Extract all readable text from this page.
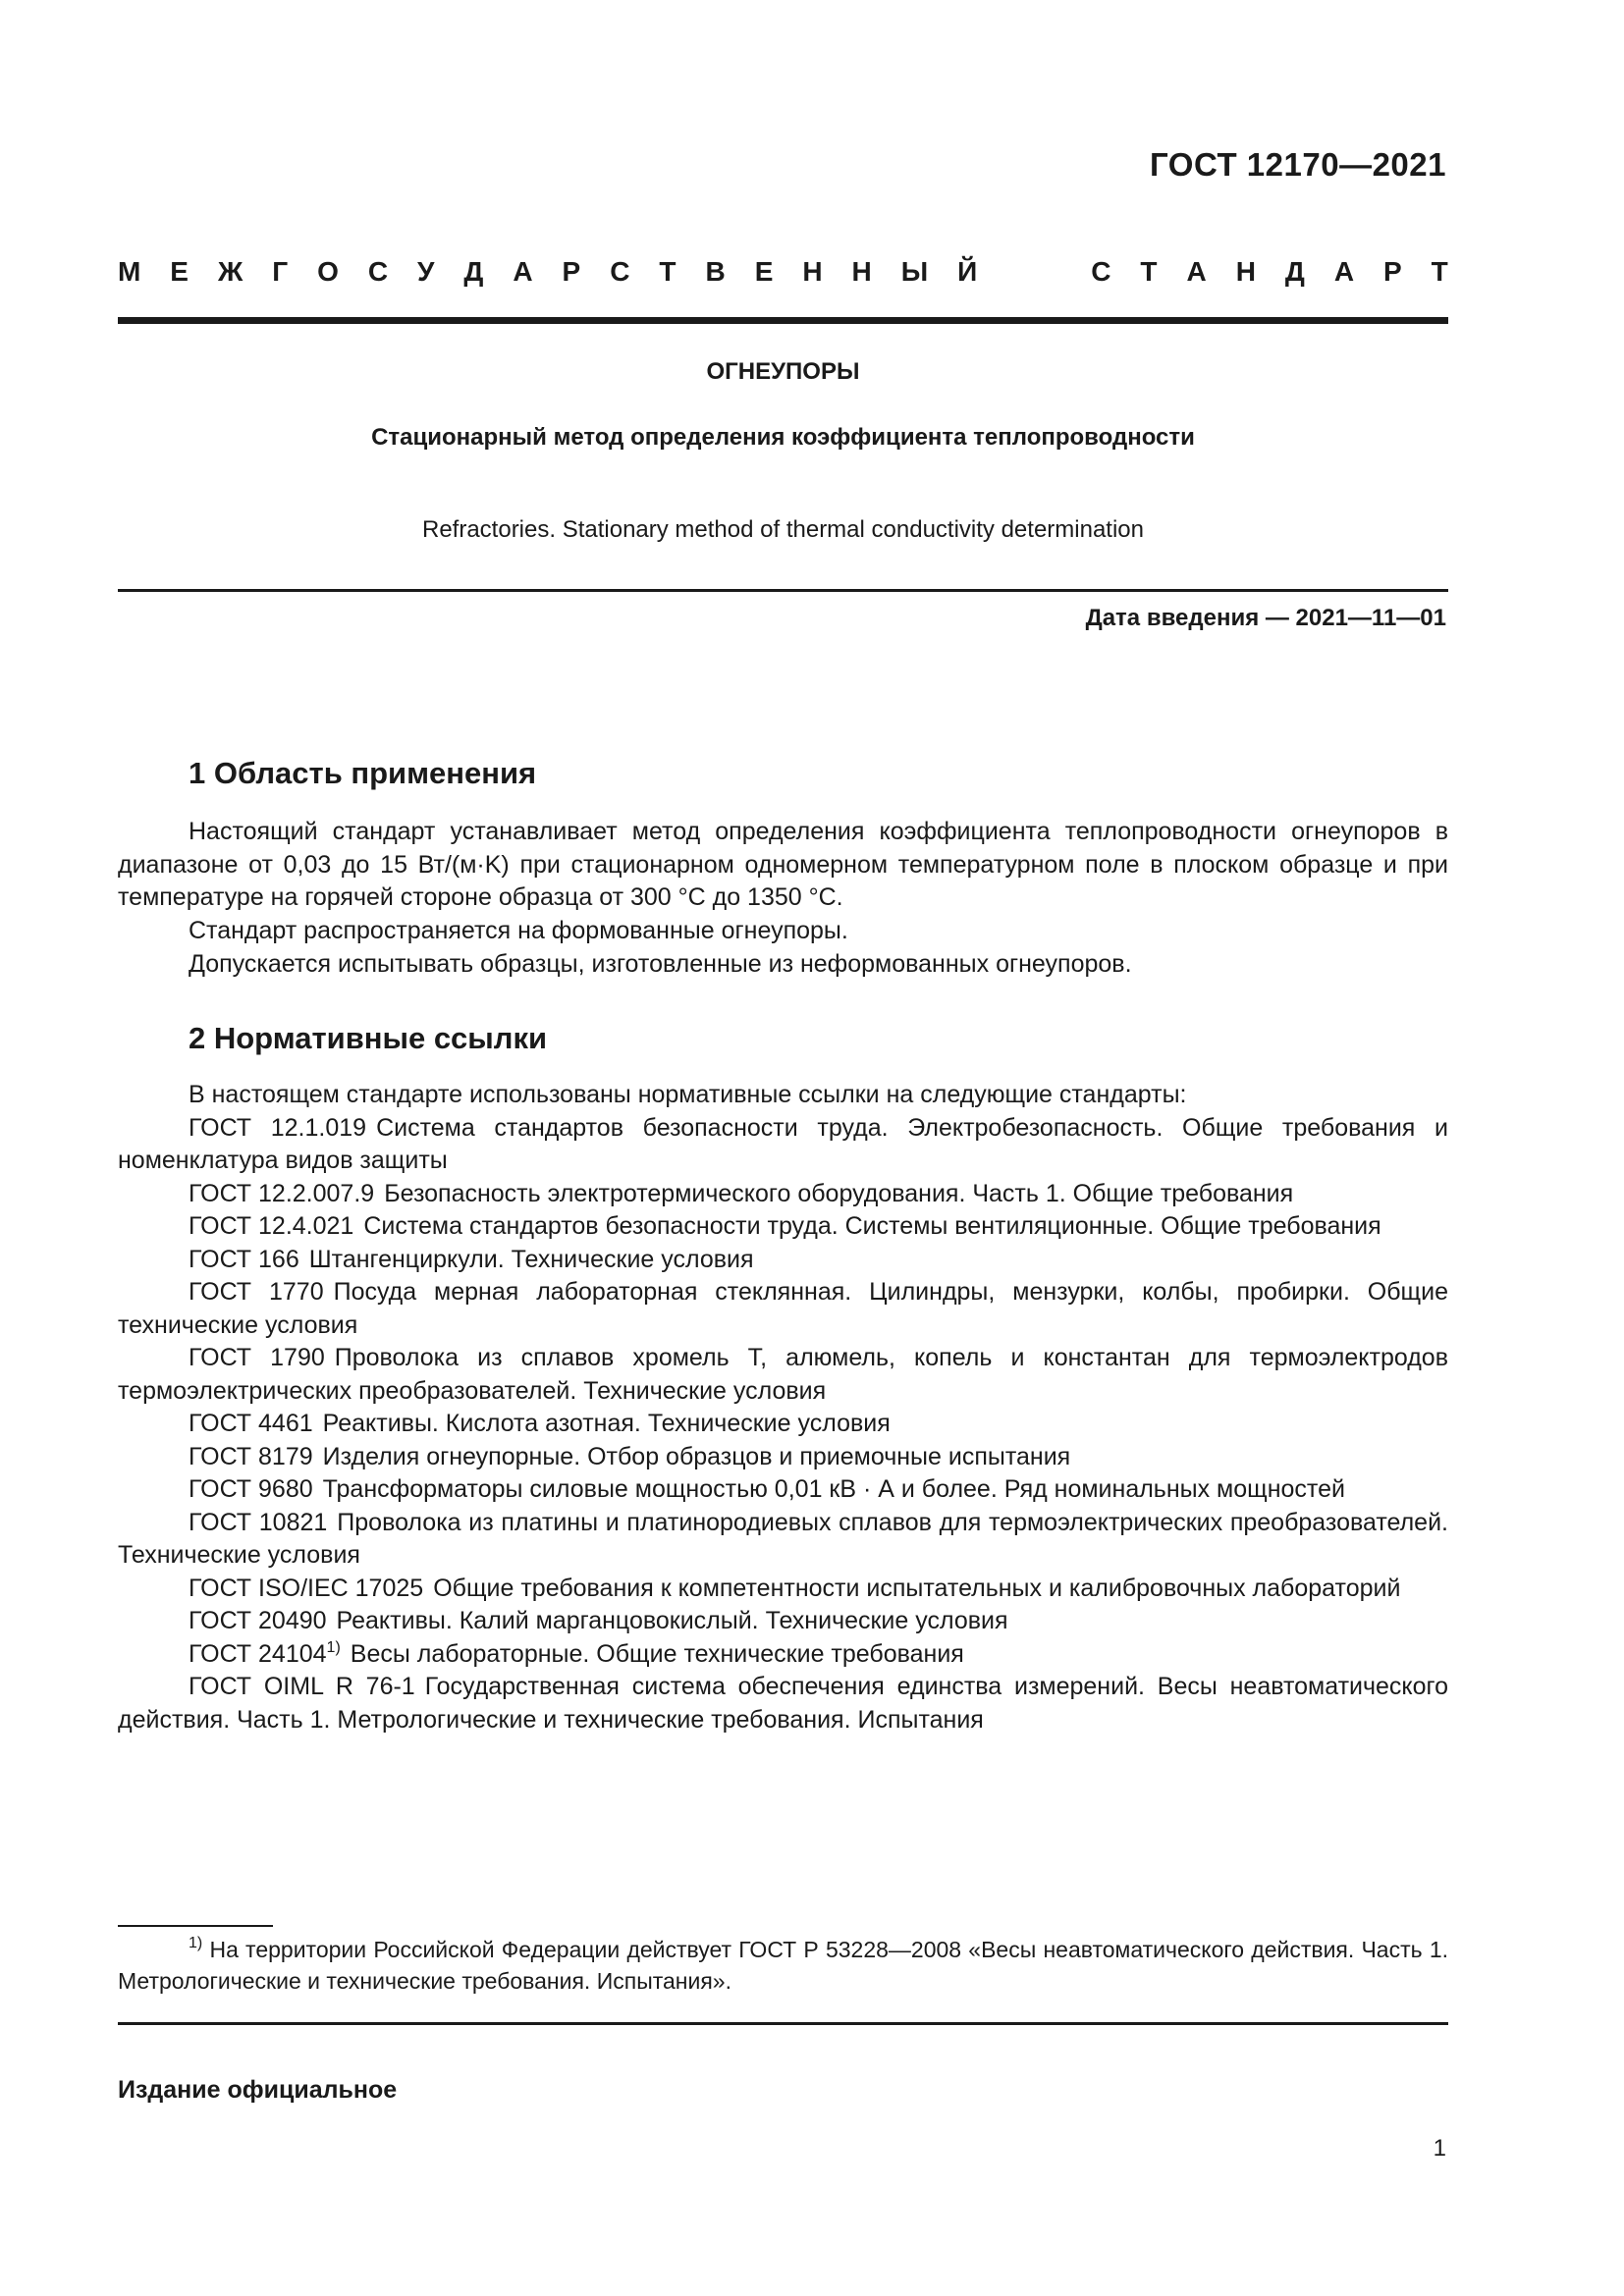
ГОСТ 12170—2021
М Е Ж Г О С У Д А Р С Т В Е Н Н Ы Й	С Т А Н Д А Р Т
ОГНЕУПОРЫ
Стационарный метод определения коэффициента теплопроводности
Refractories. Stationary method of thermal conductivity determination
Дата введения — 2021—11—01
1 Область применения
Настоящий стандарт устанавливает метод определения коэффициента теплопроводности огнеупоров в диапазоне от 0,03 до 15 Вт/(м·K) при стационарном одномерном температурном поле в плоском образце и при температуре на горячей стороне образца от 300 °С до 1350 °С.
Стандарт распространяется на формованные огнеупоры.
Допускается испытывать образцы, изготовленные из неформованных огнеупоров.
2 Нормативные ссылки

В настоящем стандарте использованы нормативные ссылки на следующие стандарты:

ГОСТ 12.1.019 Система стандартов безопасности труда. Электробезопасность. Общие требования и номенклатура видов защиты

ГОСТ 12.2.007.9 Безопасность электротермического оборудования. Часть 1. Общие требования

ГОСТ 12.4.021 Система стандартов безопасности труда. Системы вентиляционные. Общие требования

ГОСТ 166 Штангенциркули. Технические условия

ГОСТ 1770 Посуда мерная лабораторная стеклянная. Цилиндры, мензурки, колбы, пробирки. Общие технические условия

ГОСТ 1790 Проволока из сплавов хромель Т, алюмель, копель и константан для термоэлектродов термоэлектрических преобразователей. Технические условия

ГОСТ 4461 Реактивы. Кислота азотная. Технические условия

ГОСТ 8179 Изделия огнеупорные. Отбор образцов и приемочные испытания

ГОСТ 9680 Трансформаторы силовые мощностью 0,01 кВ · А и более. Ряд номинальных мощностей

ГОСТ 10821 Проволока из платины и платинородиевых сплавов для термоэлектрических преобразователей. Технические условия

ГОСТ ISO/IEC 17025 Общие требования к компетентности испытательных и калибровочных лабораторий

ГОСТ 20490 Реактивы. Калий марганцовокислый. Технические условия

ГОСТ 24104$^{1)}$ Весы лабораторные. Общие технические требования

ГОСТ OIML R 76-1 Государственная система обеспечения единства измерений. Весы неавтоматического действия. Часть 1. Метрологические и технические требования. Испытания

$^{1)}$ На территории Российской Федерации действует ГОСТ Р 53228—2008 «Весы неавтоматического действия. Часть 1. Метрологические и технические требования. Испытания».
Издание официальное
1
